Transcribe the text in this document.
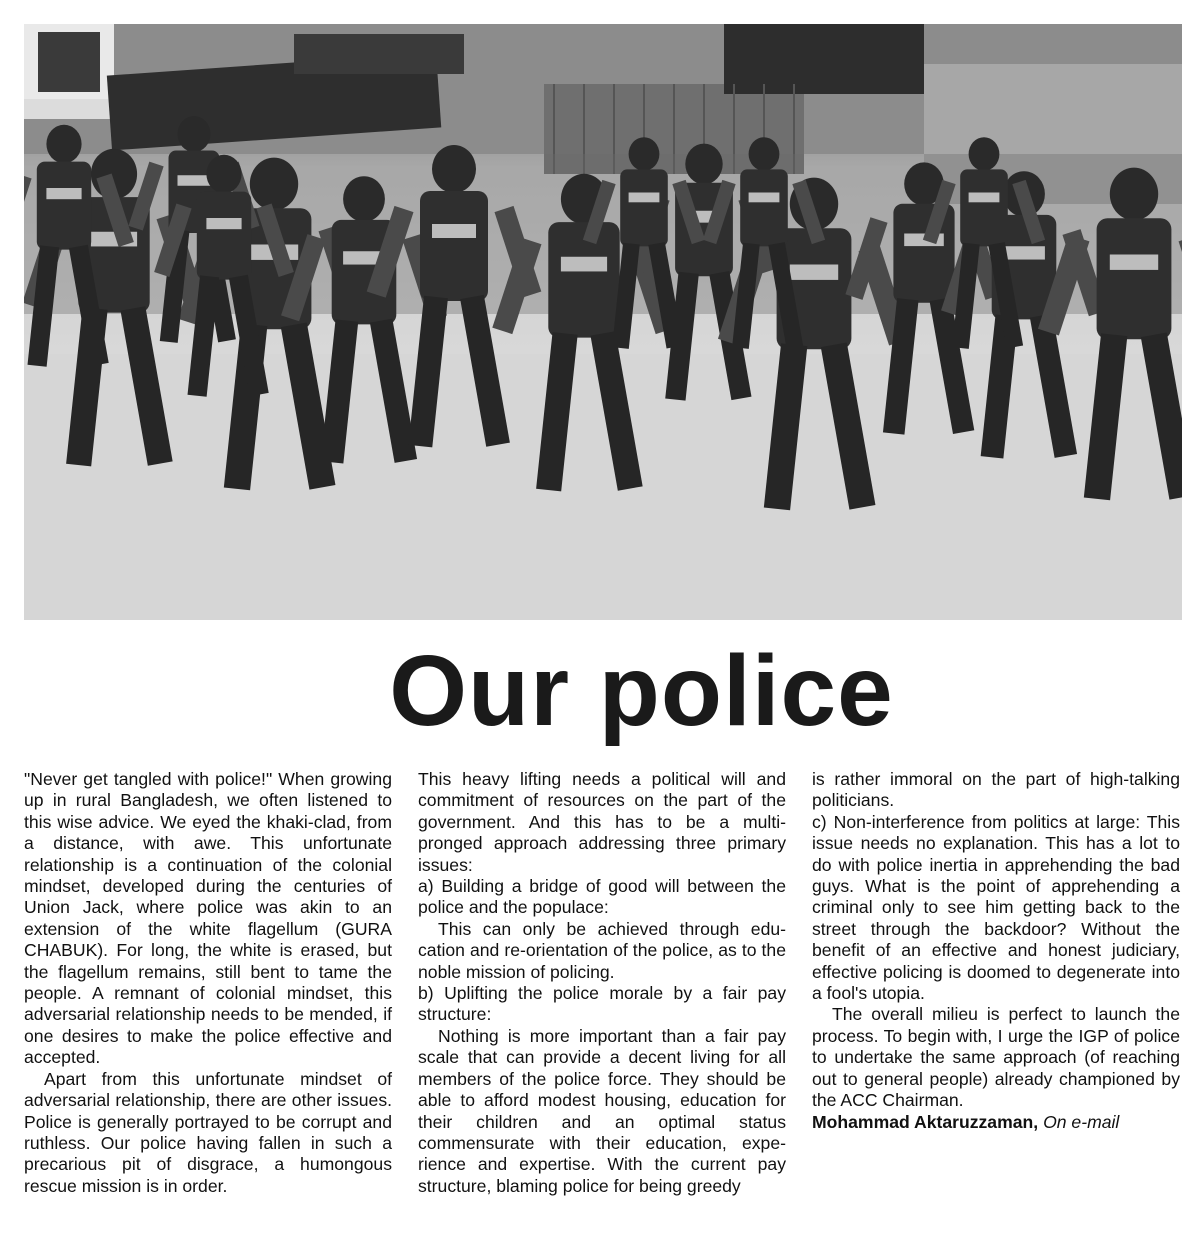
Our police

"Never get tangled with police!" When growing up in rural Bangladesh, we often listened to this wise advice. We eyed the khaki-clad, from a distance, with awe. This unfortunate relationship is a continuation of the colonial mindset, developed during the centuries of Union Jack, where police was akin to an extension of the white flagellum (GURA CHABUK). For long, the white is erased, but the flagellum remains, still bent to tame the people. A remnant of colonial mindset, this adversarial relationship needs to be mended, if one desires to make the police effective and accepted.

Apart from this unfortunate mindset of adversarial relationship, there are other issues. Police is generally portrayed to be corrupt and ruthless. Our police having fallen in such a precarious pit of disgrace, a humongous rescue mission is in order.

This heavy lifting needs a political will and commitment of resources on the part of the government. And this has to be a multi-pronged approach addressing three primary issues:

a) Building a bridge of good will between the police and the populace:

This can only be achieved through education and re-orientation of the police, as to the noble mission of policing.

b) Uplifting the police morale by a fair pay structure:

Nothing is more important than a fair pay scale that can provide a decent living for all members of the police force. They should be able to afford modest housing, education for their children and an optimal status commensurate with their education, experience and expertise. With the current pay structure, blaming police for being greedy

is rather immoral on the part of high-talking politicians.

c) Non-interference from politics at large: This issue needs no explanation. This has a lot to do with police inertia in apprehending the bad guys. What is the point of apprehending a criminal only to see him getting back to the street through the backdoor? Without the benefit of an effective and honest judiciary, effective policing is doomed to degenerate into a fool's utopia.

The overall milieu is perfect to launch the process. To begin with, I urge the IGP of police to undertake the same approach (of reaching out to general people) already championed by the ACC Chairman.

Mohammad Aktaruzzaman, On e-mail
